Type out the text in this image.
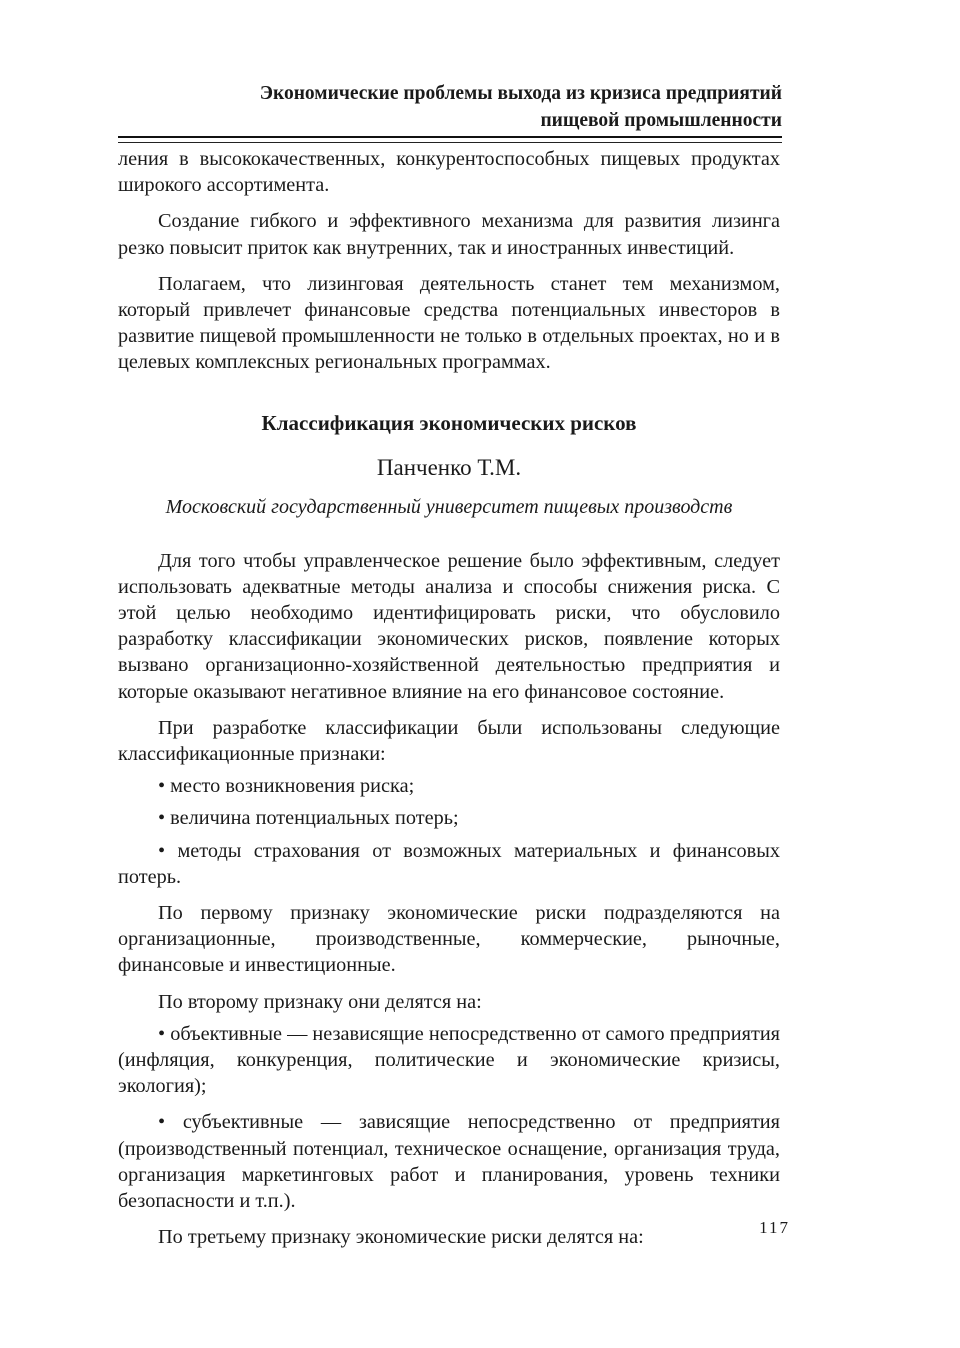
Экономические проблемы выхода из кризиса предприятий
пищевой промышленности

ления в высококачественных, конкурентоспособных пищевых продуктах широкого ассортимента.

Создание гибкого и эффективного механизма для развития лизинга резко повысит приток как внутренних, так и иностранных инвестиций.

Полагаем, что лизинговая деятельность станет тем механизмом, который привлечет финансовые средства потенциальных инвесторов в развитие пищевой промышленности не только в отдельных проектах, но и в целевых комплексных региональных программах.

Классификация экономических рисков
Панченко Т.М.
Московский государственный университет пищевых производств

Для того чтобы управленческое решение было эффективным, следует использовать адекватные методы анализа и способы снижения риска. С этой целью необходимо идентифицировать риски, что обусловило разработку классификации экономических рисков, появление которых вызвано организационно-хозяйственной деятельностью предприятия и которые оказывают негативное влияние на его финансовое состояние.

При разработке классификации были использованы следующие классификационные признаки:

• место возникновения риска;

• величина потенциальных потерь;

• методы страхования от возможных материальных и финансовых потерь.

По первому признаку экономические риски подразделяются на организационные, производственные, коммерческие, рыночные, финансовые и инвестиционные.

По второму признаку они делятся на:

• объективные — независящие непосредственно от самого предприятия (инфляция, конкуренция, политические и экономические кризисы, экология);

• субъективные — зависящие непосредственно от предприятия (производственный потенциал, техническое оснащение, организация труда, организация маркетинговых работ и планирования, уровень техники безопасности и т.п.).

По третьему признаку экономические риски делятся на:	117
